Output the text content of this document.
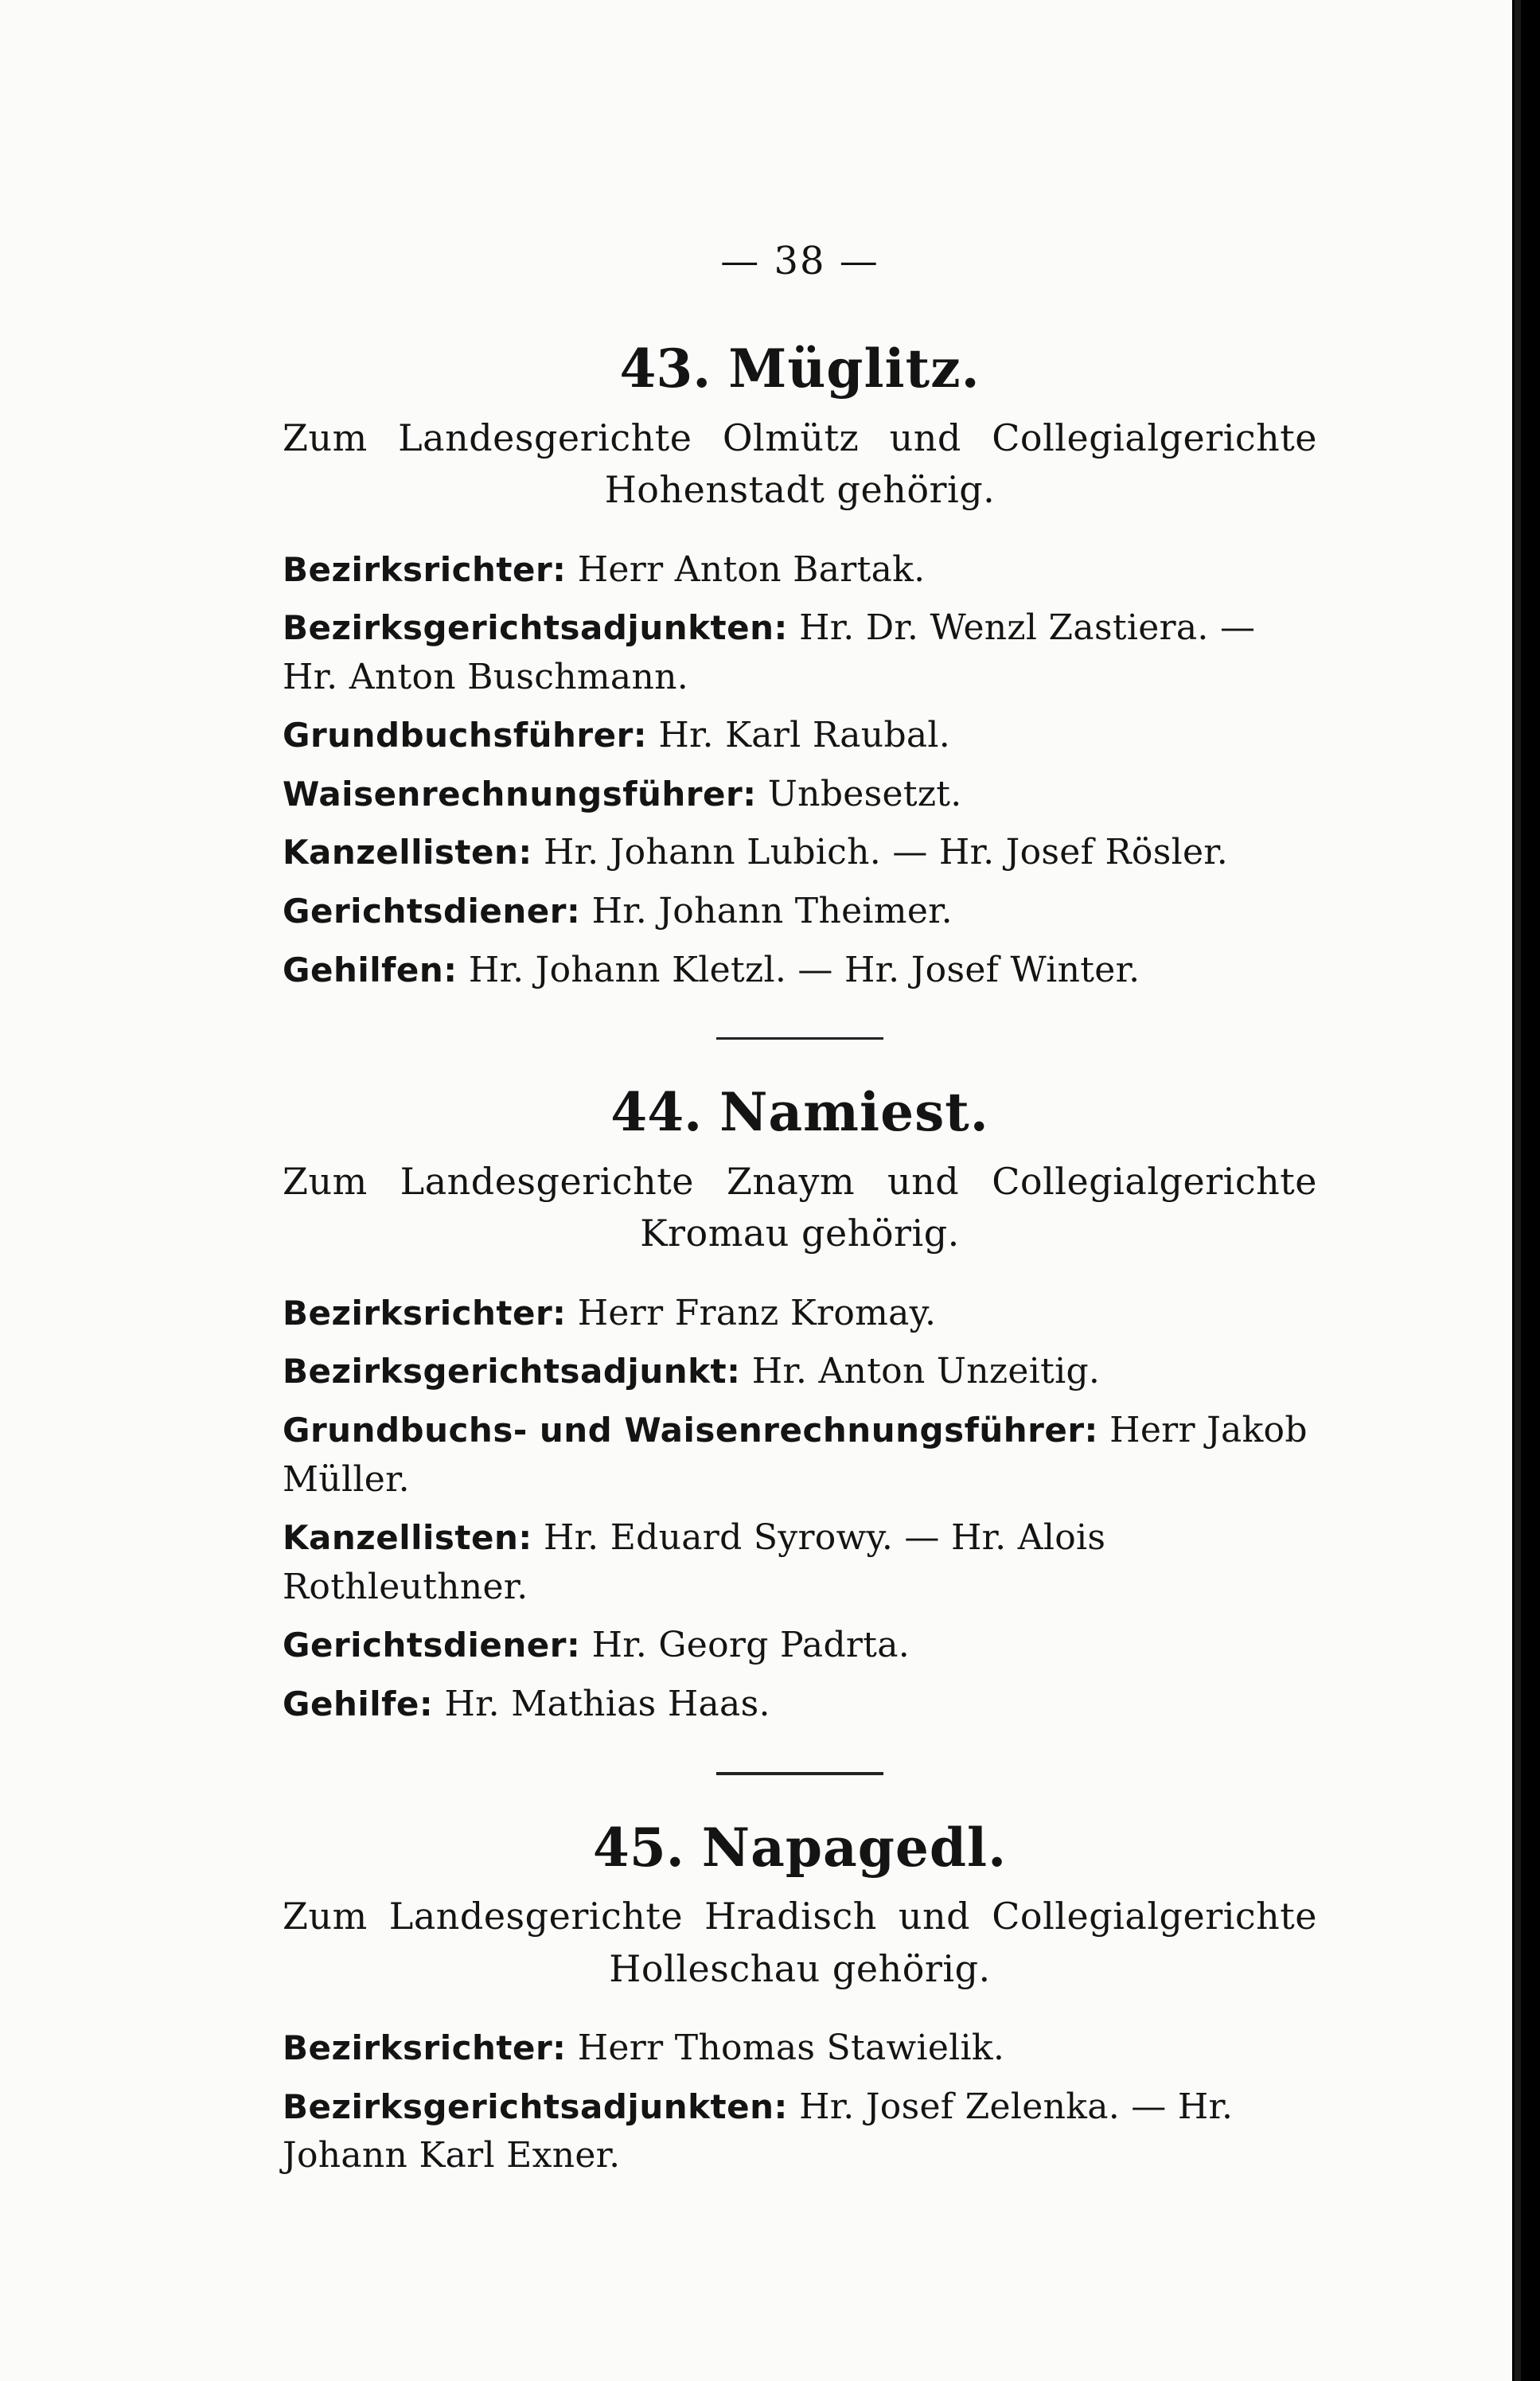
— 38 —
43. Müglitz.
Zum Landesgerichte Olmütz und Collegialgerichte Hohenstadt gehörig.
Bezirksrichter: Herr Anton Bartak.
Bezirksgerichtsadjunkten: Hr. Dr. Wenzl Zastiera. — Hr. Anton Buschmann.
Grundbuchsführer: Hr. Karl Raubal.
Waisenrechnungsführer: Unbesetzt.
Kanzellisten: Hr. Johann Lubich. — Hr. Josef Rösler.
Gerichtsdiener: Hr. Johann Theimer.
Gehilfen: Hr. Johann Kletzl. — Hr. Josef Winter.
44. Namiest.
Zum Landesgerichte Znaym und Collegialgerichte Kromau gehörig.
Bezirksrichter: Herr Franz Kromay.
Bezirksgerichtsadjunkt: Hr. Anton Unzeitig.
Grundbuchs- und Waisenrechnungsführer: Herr Jakob Müller.
Kanzellisten: Hr. Eduard Syrowy. — Hr. Alois Rothleuthner.
Gerichtsdiener: Hr. Georg Padrta.
Gehilfe: Hr. Mathias Haas.
45. Napagedl.
Zum Landesgerichte Hradisch und Collegialgerichte Holleschau gehörig.
Bezirksrichter: Herr Thomas Stawielik.
Bezirksgerichtsadjunkten: Hr. Josef Zelenka. — Hr. Johann Karl Exner.
